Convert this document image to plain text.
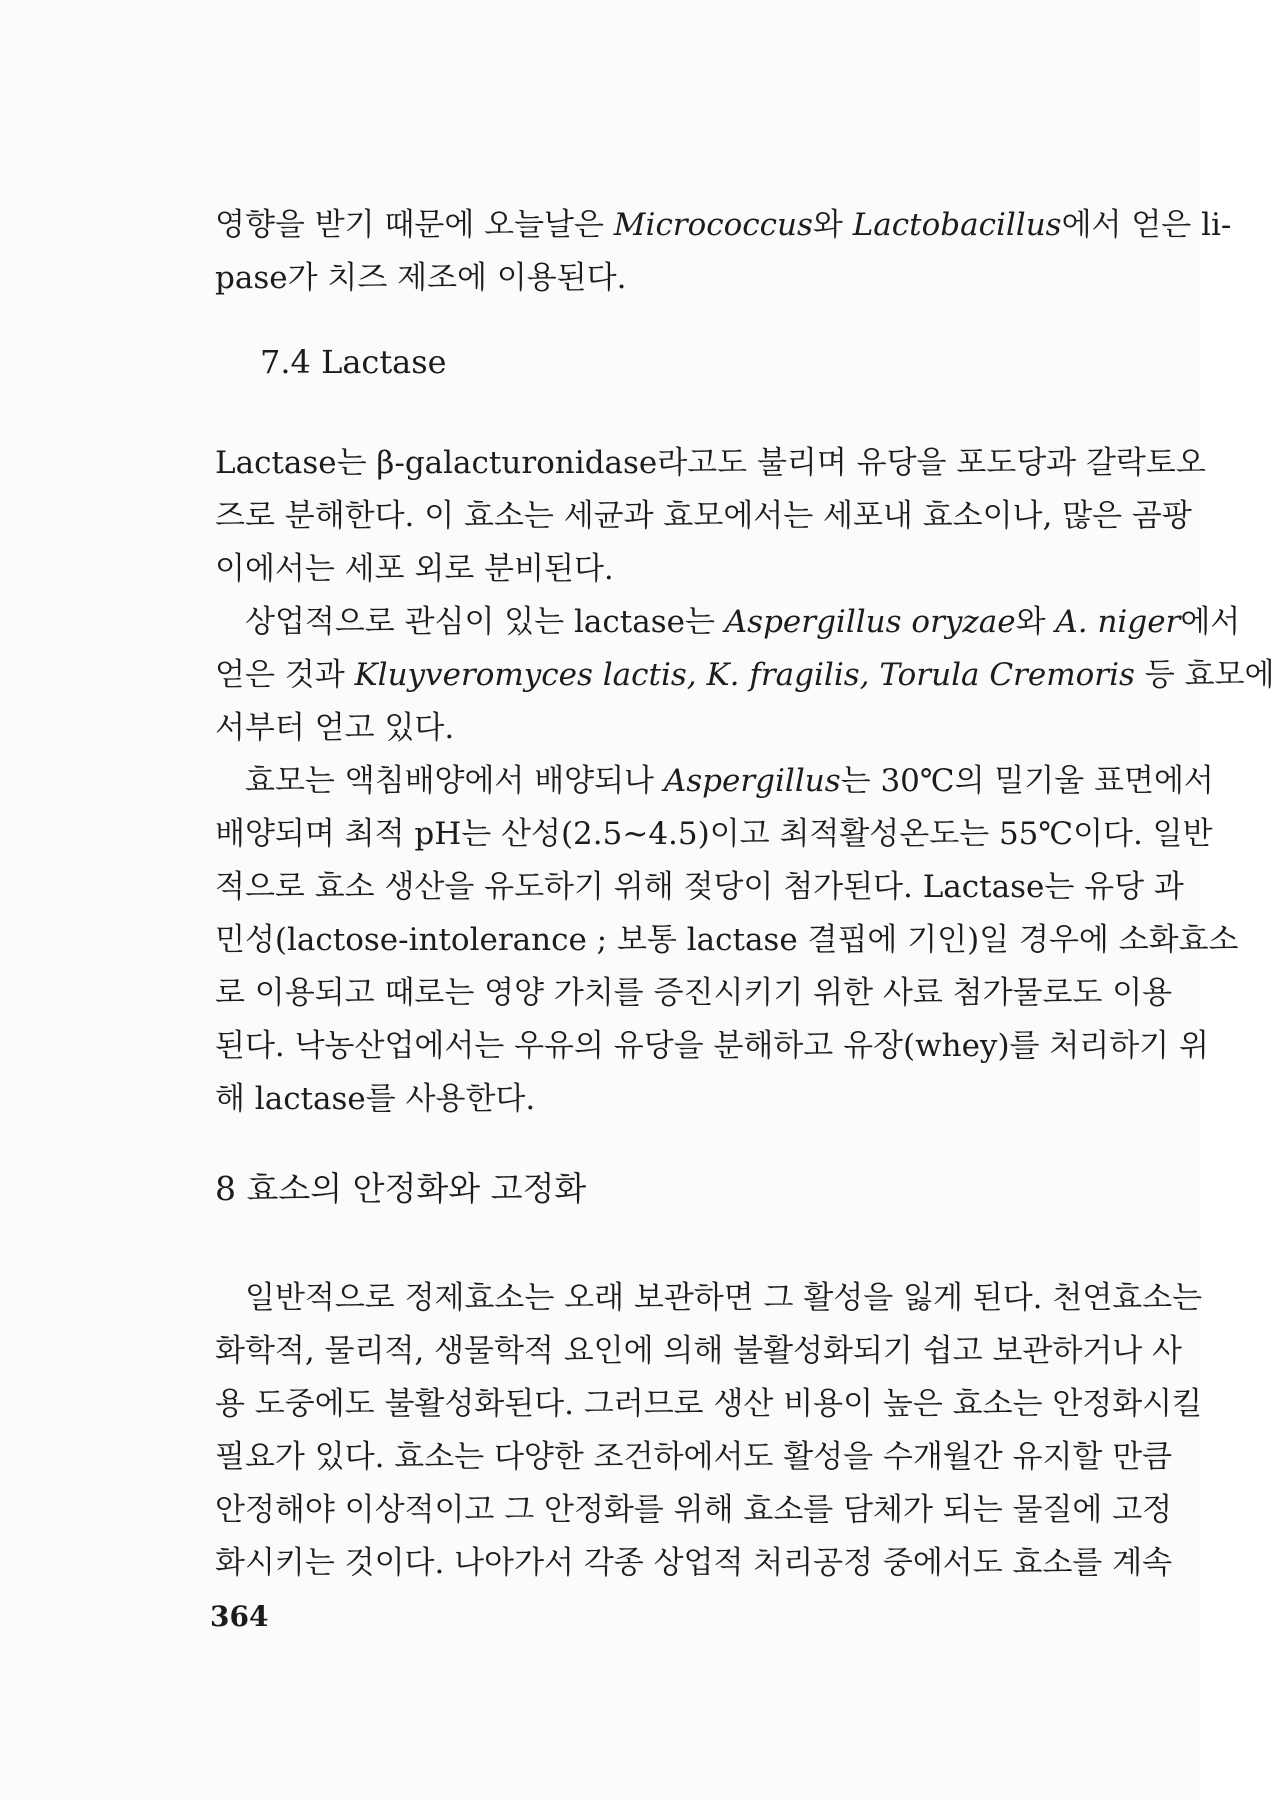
영향을 받기 때문에 오늘날은 Micrococcus와 Lactobacillus에서 얻은 li-
pase가 치즈 제조에 이용된다.
7.4 Lactase
Lactase는 β-galacturonidase라고도 불리며 유당을 포도당과 갈락토오
즈로 분해한다. 이 효소는 세균과 효모에서는 세포내 효소이나, 많은 곰팡
이에서는 세포 외로 분비된다.
상업적으로 관심이 있는 lactase는 Aspergillus oryzae와 A. niger에서
얻은 것과 Kluyveromyces lactis, K. fragilis, Torula Cremoris 등 효모에
서부터 얻고 있다.
효모는 액침배양에서 배양되나 Aspergillus는 30℃의 밀기울 표면에서
배양되며 최적 pH는 산성(2.5~4.5)이고 최적활성온도는 55℃이다. 일반
적으로 효소 생산을 유도하기 위해 젖당이 첨가된다. Lactase는 유당 과
민성(lactose-intolerance ; 보통 lactase 결핍에 기인)일 경우에 소화효소
로 이용되고 때로는 영양 가치를 증진시키기 위한 사료 첨가물로도 이용
된다. 낙농산업에서는 우유의 유당을 분해하고 유장(whey)를 처리하기 위
해 lactase를 사용한다.
8 효소의 안정화와 고정화
일반적으로 정제효소는 오래 보관하면 그 활성을 잃게 된다. 천연효소는
화학적, 물리적, 생물학적 요인에 의해 불활성화되기 쉽고 보관하거나 사
용 도중에도 불활성화된다. 그러므로 생산 비용이 높은 효소는 안정화시킬
필요가 있다. 효소는 다양한 조건하에서도 활성을 수개월간 유지할 만큼
안정해야 이상적이고 그 안정화를 위해 효소를 담체가 되는 물질에 고정
화시키는 것이다. 나아가서 각종 상업적 처리공정 중에서도 효소를 계속
364
